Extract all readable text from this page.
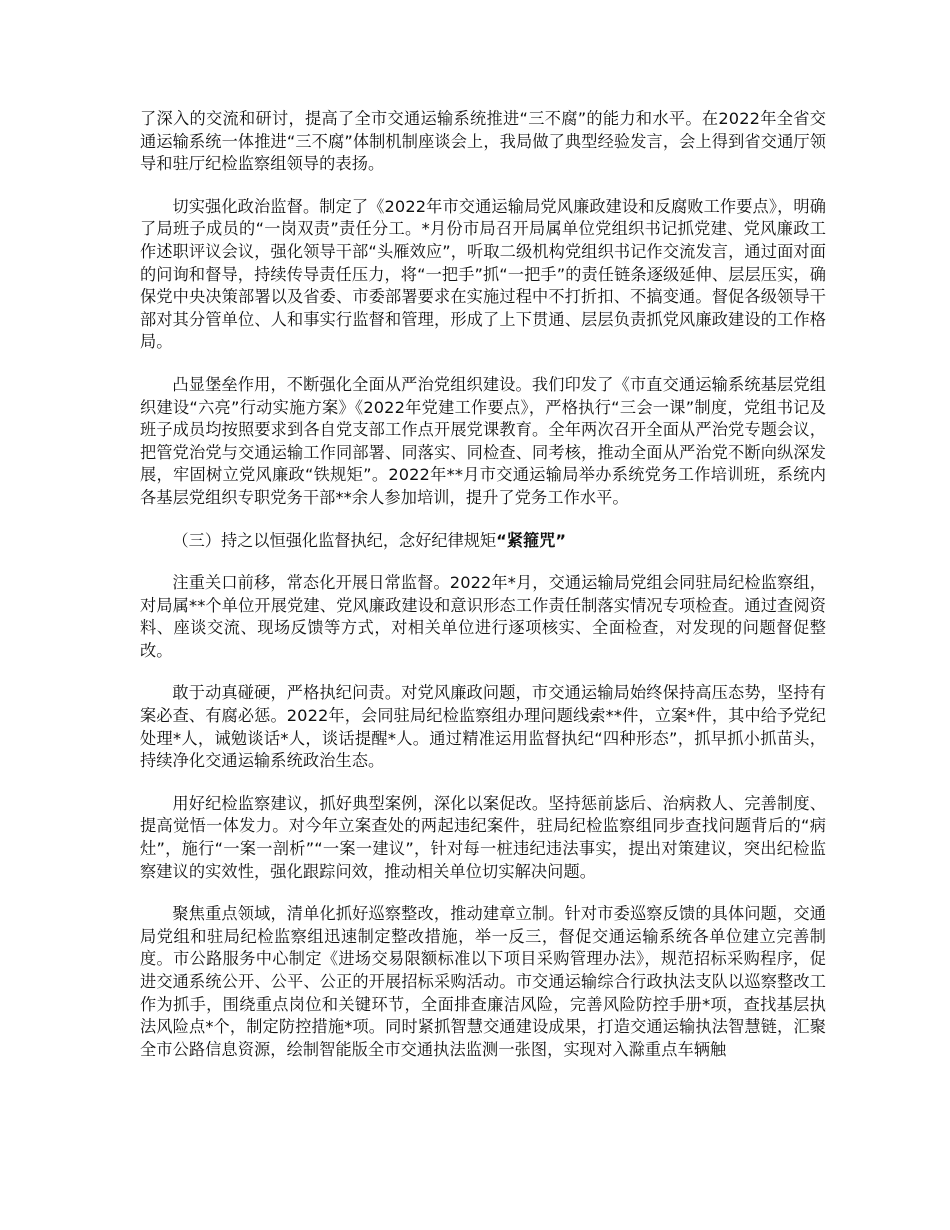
了深入的交流和研讨，提高了全市交通运输系统推进“三不腐”的能力和水平。在2022年全省交通运输系统一体推进“三不腐”体制机制座谈会上，我局做了典型经验发言，会上得到省交通厅领导和驻厅纪检监察组领导的表扬。

切实强化政治监督。制定了《2022年市交通运输局党风廉政建设和反腐败工作要点》，明确了局班子成员的“一岗双责”责任分工。*月份市局召开局属单位党组织书记抓党建、党风廉政工作述职评议会议，强化领导干部“头雁效应”，听取二级机构党组织书记作交流发言，通过面对面的问询和督导，持续传导责任压力，将“一把手”抓“一把手”的责任链条逐级延伸、层层压实，确保党中央决策部署以及省委、市委部署要求在实施过程中不打折扣、不搞变通。督促各级领导干部对其分管单位、人和事实行监督和管理，形成了上下贯通、层层负责抓党风廉政建设的工作格局。

凸显堡垒作用，不断强化全面从严治党组织建设。我们印发了《市直交通运输系统基层党组织建设“六亮”行动实施方案》《2022年党建工作要点》，严格执行“三会一课”制度，党组书记及班子成员均按照要求到各自党支部工作点开展党课教育。全年两次召开全面从严治党专题会议，把管党治党与交通运输工作同部署、同落实、同检查、同考核，推动全面从严治党不断向纵深发展，牢固树立党风廉政“铁规矩”。2022年**月市交通运输局举办系统党务工作培训班，系统内各基层党组织专职党务干部**余人参加培训，提升了党务工作水平。

（三）持之以恒强化监督执纪，念好纪律规矩“紧箍咒”

注重关口前移，常态化开展日常监督。2022年*月，交通运输局党组会同驻局纪检监察组，对局属**个单位开展党建、党风廉政建设和意识形态工作责任制落实情况专项检查。通过查阅资料、座谈交流、现场反馈等方式，对相关单位进行逐项核实、全面检查，对发现的问题督促整改。

敢于动真碰硬，严格执纪问责。对党风廉政问题，市交通运输局始终保持高压态势，坚持有案必查、有腐必惩。2022年，会同驻局纪检监察组办理问题线索**件，立案*件，其中给予党纪处理*人，诫勉谈话*人，谈话提醒*人。通过精准运用监督执纪“四种形态”，抓早抓小抓苗头，持续净化交通运输系统政治生态。

用好纪检监察建议，抓好典型案例，深化以案促改。坚持惩前毖后、治病救人、完善制度、提高觉悟一体发力。对今年立案查处的两起违纪案件，驻局纪检监察组同步查找问题背后的“病灶”，施行“一案一剖析”“一案一建议”，针对每一桩违纪违法事实，提出对策建议，突出纪检监察建议的实效性，强化跟踪问效，推动相关单位切实解决问题。

聚焦重点领域，清单化抓好巡察整改，推动建章立制。针对市委巡察反馈的具体问题，交通局党组和驻局纪检监察组迅速制定整改措施，举一反三，督促交通运输系统各单位建立完善制度。市公路服务中心制定《进场交易限额标准以下项目采购管理办法》，规范招标采购程序，促进交通系统公开、公平、公正的开展招标采购活动。市交通运输综合行政执法支队以巡察整改工作为抓手，围绕重点岗位和关键环节，全面排查廉洁风险，完善风险防控手册*项，查找基层执法风险点*个，制定防控措施*项。同时紧抓智慧交通建设成果，打造交通运输执法智慧链，汇聚全市公路信息资源，绘制智能版全市交通执法监测一张图，实现对入滁重点车辆触
